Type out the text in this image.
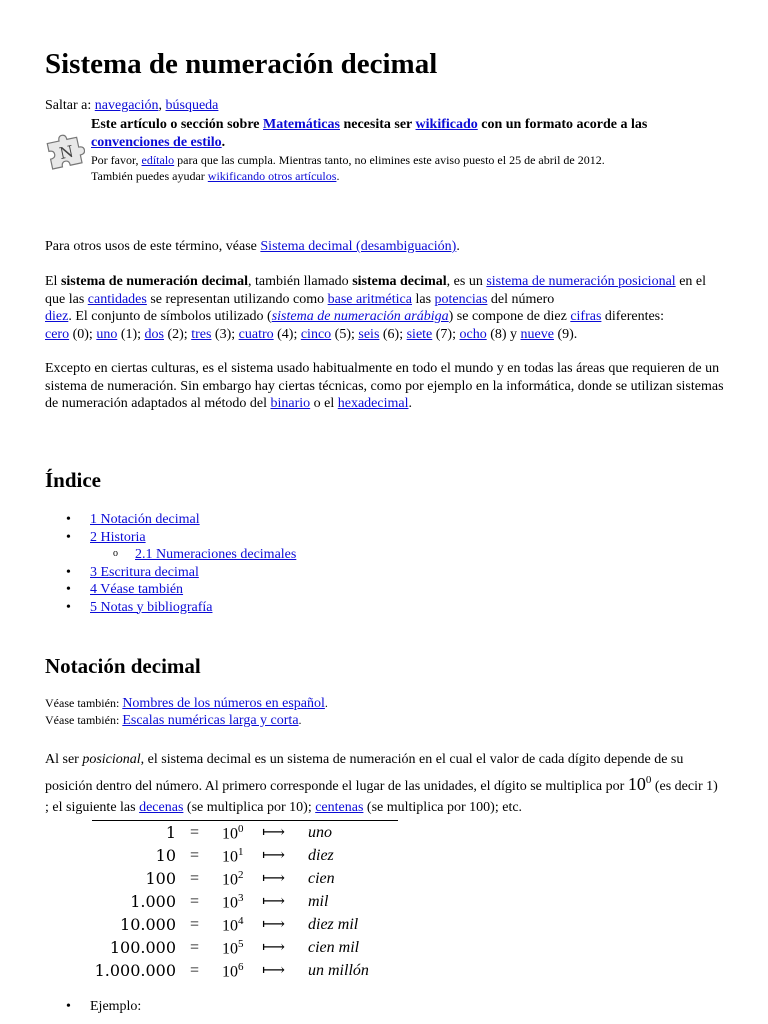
Sistema de numeración decimal
Saltar a: navegación, búsqueda
N
Este artículo o sección sobre Matemáticas necesita ser wikificado con un formato acorde a las
convenciones de estilo.
Por favor, edítalo para que las cumpla. Mientras tanto, no elimines este aviso puesto el 25 de abril de 2012.
También puedes ayudar wikificando otros artículos.
Para otros usos de este término, véase Sistema decimal (desambiguación).
El sistema de numeración decimal, también llamado sistema decimal, es un sistema de numeración posicional en el que las cantidades se representan utilizando como base aritmética las potencias del número
diez. El conjunto de símbolos utilizado (sistema de numeración arábiga) se compone de diez cifras diferentes:
cero (0); uno (1); dos (2); tres (3); cuatro (4); cinco (5); seis (6); siete (7); ocho (8) y nueve (9).
Excepto en ciertas culturas, es el sistema usado habitualmente en todo el mundo y en todas las áreas que requieren de un sistema de numeración. Sin embargo hay ciertas técnicas, como por ejemplo en la informática, donde se utilizan sistemas de numeración adaptados al método del binario o el hexadecimal.
Índice
• 1 Notación decimal
• 2 Historia
o 2.1 Numeraciones decimales
• 3 Escritura decimal
• 4 Véase también
• 5 Notas y bibliografía
Notación decimal
Véase también: Nombres de los números en español.
Véase también: Escalas numéricas larga y corta.
Al ser posicional, el sistema decimal es un sistema de numeración en el cual el valor de cada dígito depende de su posición dentro del número. Al primero corresponde el lugar de las unidades, el dígito se multiplica por $10^0$ (es decir 1) ; el siguiente las decenas (se multiplica por 10); centenas (se multiplica por 100); etc.
$1 = 10^0$ ⟼ uno
$10 = 10^1$ ⟼ diez
$100 = 10^2$ ⟼ cien
$1.000 = 10^3$ ⟼ mil
$10.000 = 10^4$ ⟼ diez mil
$100.000 = 10^5$ ⟼ cien mil
$1.000.000 = 10^6$ ⟼ un millón
• Ejemplo:
